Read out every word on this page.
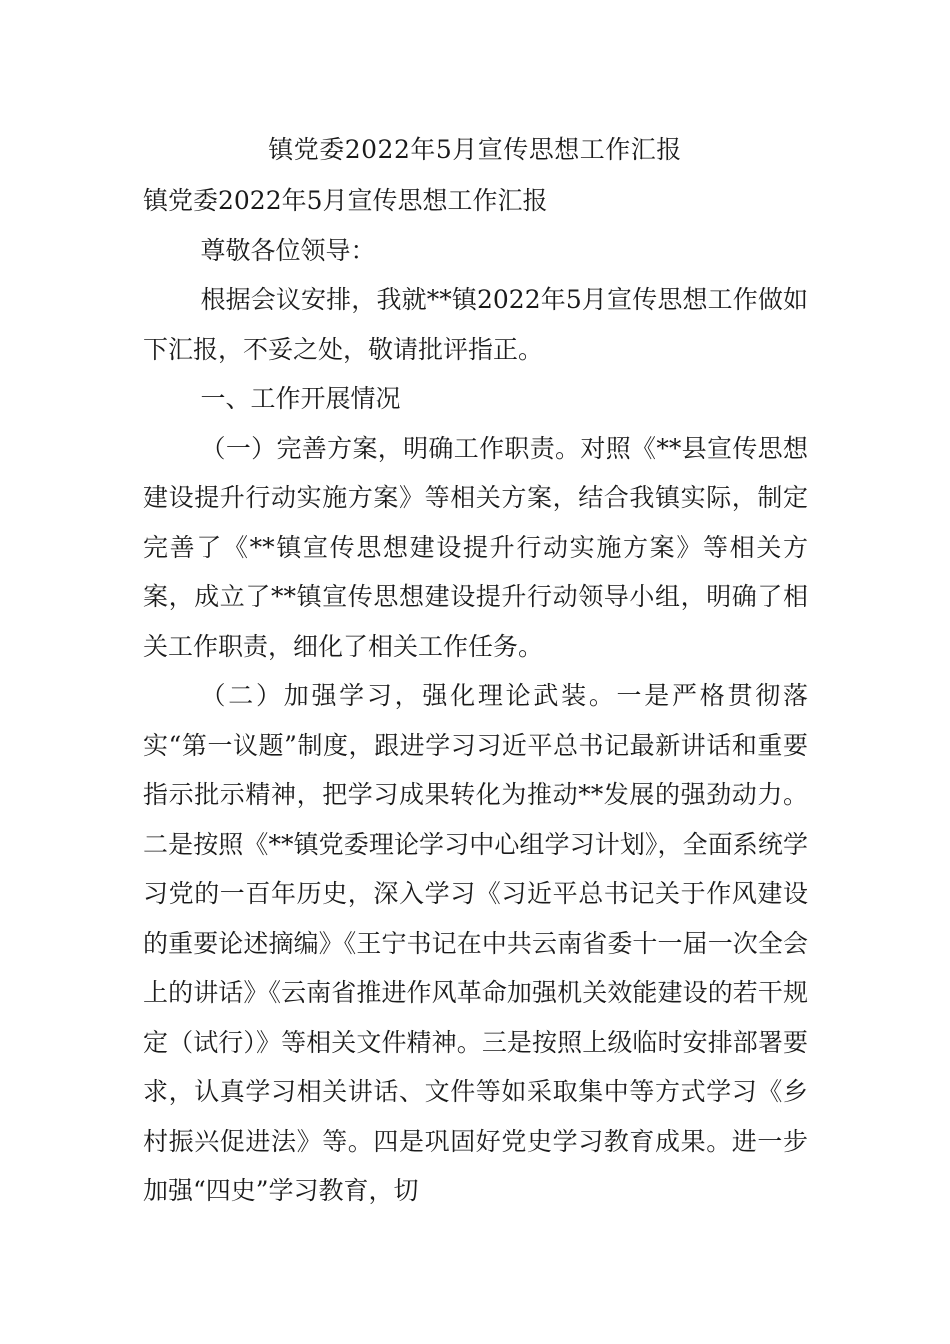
镇党委2022年5月宣传思想工作汇报

镇党委2022年5月宣传思想工作汇报

尊敬各位领导：

根据会议安排，我就**镇2022年5月宣传思想工作做如下汇报，不妥之处，敬请批评指正。

一、工作开展情况

（一）完善方案，明确工作职责。对照《**县宣传思想建设提升行动实施方案》等相关方案，结合我镇实际，制定完善了《**镇宣传思想建设提升行动实施方案》等相关方案，成立了**镇宣传思想建设提升行动领导小组，明确了相关工作职责，细化了相关工作任务。

（二）加强学习，强化理论武装。一是严格贯彻落实“第一议题”制度，跟进学习习近平总书记最新讲话和重要指示批示精神，把学习成果转化为推动**发展的强劲动力。二是按照《**镇党委理论学习中心组学习计划》，全面系统学习党的一百年历史，深入学习《习近平总书记关于作风建设的重要论述摘编》《王宁书记在中共云南省委十一届一次全会上的讲话》《云南省推进作风革命加强机关效能建设的若干规定（试行）》等相关文件精神。三是按照上级临时安排部署要求，认真学习相关讲话、文件等如采取集中等方式学习《乡村振兴促进法》等。四是巩固好党史学习教育成果。进一步加强“四史”学习教育，切
